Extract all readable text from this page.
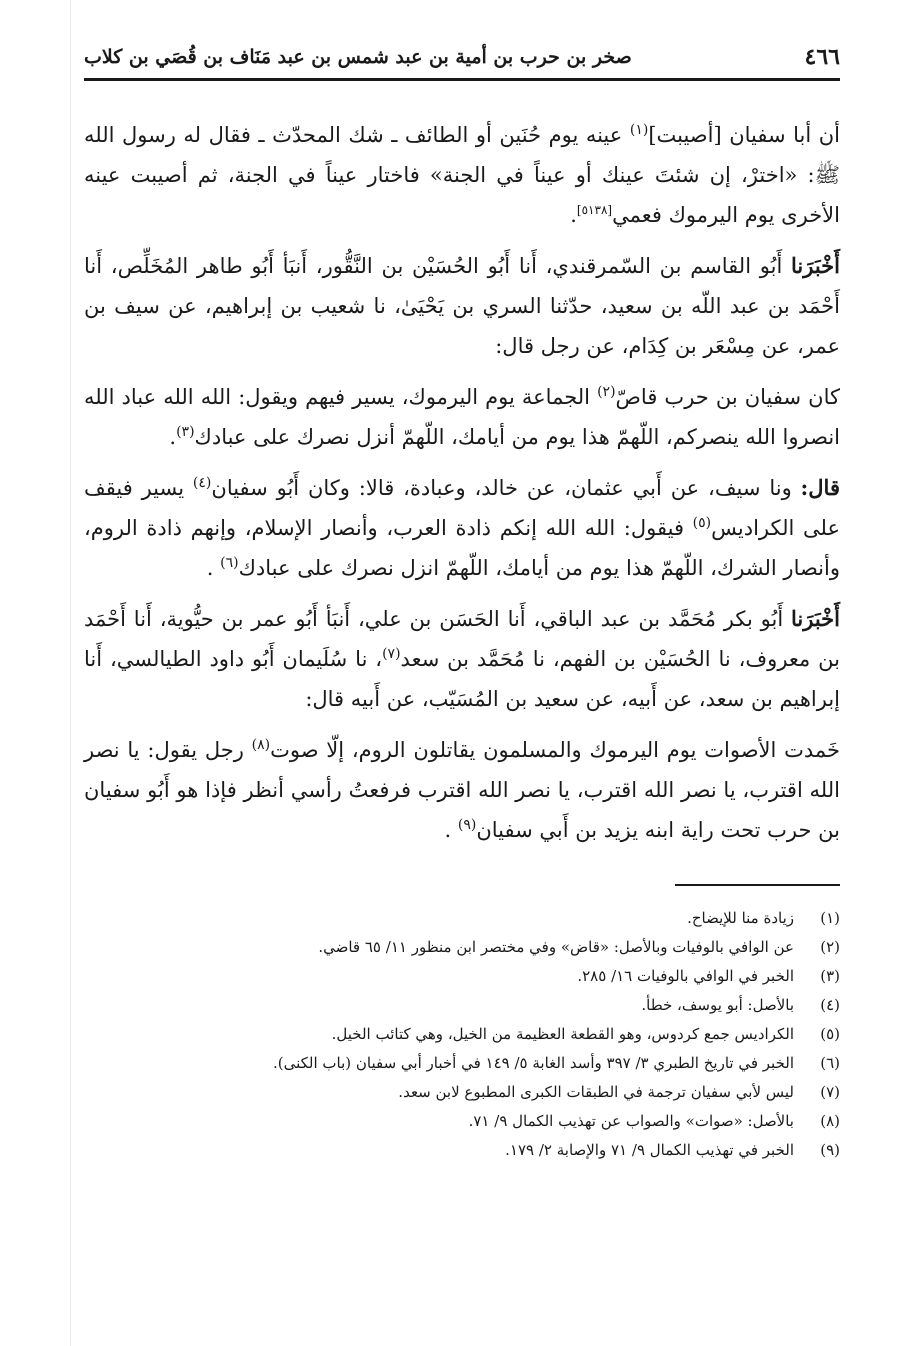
٤٦٦
صخر بن حرب بن أمية بن عبد شمس بن عبد مَنَاف بن قُصَي بن كلاب

أن أبا سفيان [أصيبت]$^{(١)}$ عينه يوم حُنَين أو الطائف ـ شك المحدّث ـ فقال له رسول الله ﷺ: «اخترْ، إن شئتَ عينك أو عيناً في الجنة» فاختار عيناً في الجنة، ثم أصيبت عينه الأخرى يوم اليرموك فعمي[٥١٣٨].

أَخْبَرَنا أَبُو القاسم بن السّمرقندي، أَنا أَبُو الحُسَيْن بن النَّقُّور، أَنبَأ أَبُو طاهر المُخَلِّص، أَنا أَحْمَد بن عبد اللّه بن سعيد، حدّثنا السري بن يَحْيَىٰ، نا شعيب بن إبراهيم، عن سيف بن عمر، عن مِسْعَر بن كِدَام، عن رجل قال:

كان سفيان بن حرب قاصّ$^{(٢)}$ الجماعة يوم اليرموك، يسير فيهم ويقول: الله الله عباد الله انصروا الله ينصركم، اللّهمّ هذا يوم من أيامك، اللّهمّ أنزل نصرك على عبادك$^{(٣)}$.

قال: ونا سيف، عن أَبي عثمان، عن خالد، وعبادة، قالا: وكان أَبُو سفيان$^{(٤)}$ يسير فيقف على الكراديس$^{(٥)}$ فيقول: الله الله إنكم ذادة العرب، وأنصار الإسلام، وإنهم ذادة الروم، وأنصار الشرك، اللّهمّ هذا يوم من أيامك، اللّهمّ انزل نصرك على عبادك$^{(٦)}$ .

أَخْبَرَنا أَبُو بكر مُحَمَّد بن عبد الباقي، أَنا الحَسَن بن علي، أَنبَأ أَبُو عمر بن حيُّوية، أَنا أَحْمَد بن معروف، نا الحُسَيْن بن الفهم، نا مُحَمَّد بن سعد$^{(٧)}$، نا سُلَيمان أَبُو داود الطيالسي، أَنا إبراهيم بن سعد، عن أَبيه، عن سعيد بن المُسَيّب، عن أَبيه قال:

خَمدت الأصوات يوم اليرموك والمسلمون يقاتلون الروم، إلّا صوت$^{(٨)}$ رجل يقول: يا نصر الله اقترب، يا نصر الله اقترب، يا نصر الله اقترب فرفعتُ رأسي أنظر فإذا هو أَبُو سفيان بن حرب تحت راية ابنه يزيد بن أَبي سفيان$^{(٩)}$ .

(١)
زيادة منا للإيضاح.
(٢)
عن الوافي بالوفيات وبالأصل: «قاض» وفي مختصر ابن منظور ١١/ ٦٥ قاضي.
(٣)
الخبر في الوافي بالوفيات ١٦/ ٢٨٥.
(٤)
بالأصل: أبو يوسف، خطأ.
(٥)
الكراديس جمع كردوس، وهو القطعة العظيمة من الخيل، وهي كتائب الخيل.
(٦)
الخبر في تاريخ الطبري ٣/ ٣٩٧ وأسد الغابة ٥/ ١٤٩ في أخبار أبي سفيان (باب الكنى).
(٧)
ليس لأبي سفيان ترجمة في الطبقات الكبرى المطبوع لابن سعد.
(٨)
بالأصل: «صوات» والصواب عن تهذيب الكمال ٩/ ٧١.
(٩)
الخبر في تهذيب الكمال ٩/ ٧١ والإصابة ٢/ ١٧٩.
